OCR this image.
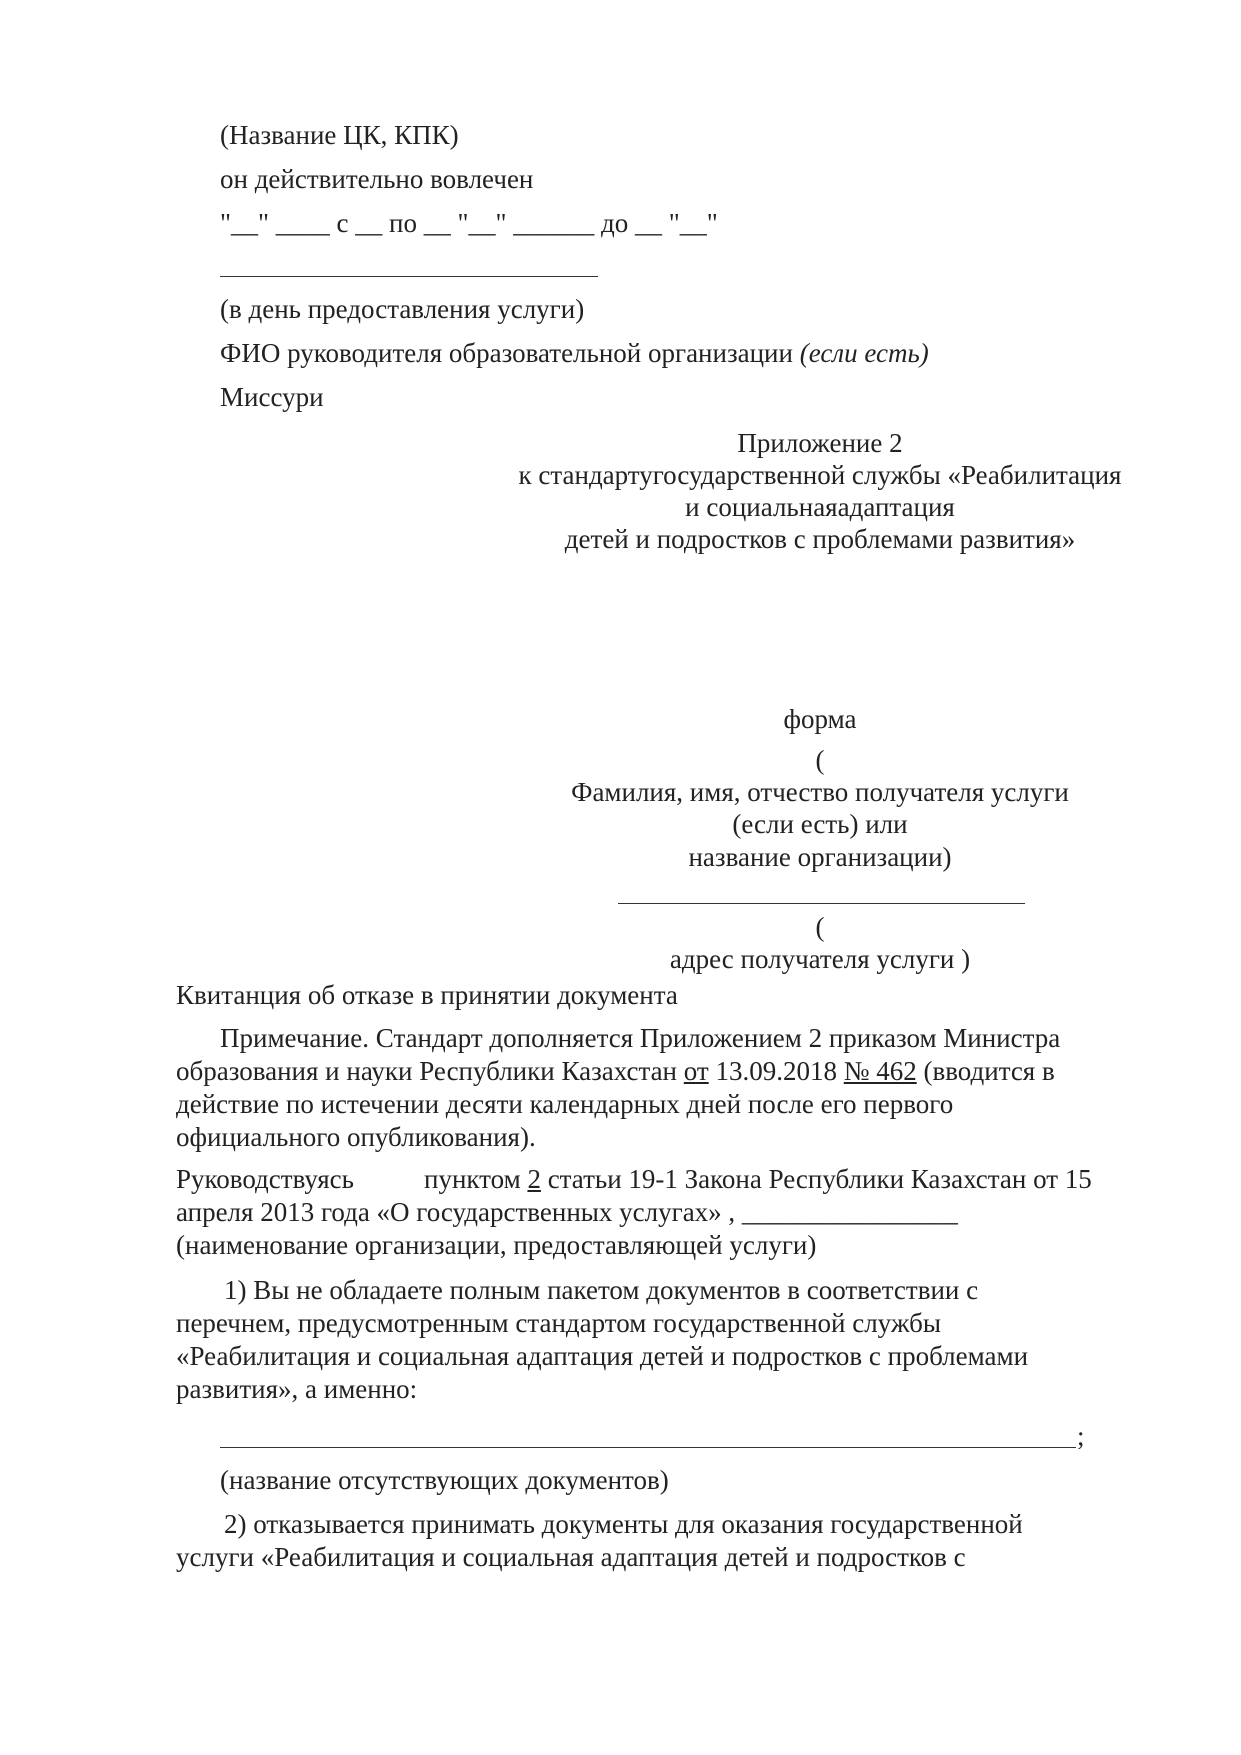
(Название ЦК, КПК)
он действительно вовлечен
"__" ____ с __ по __ "__" ______ до __ "__"
(в день предоставления услуги)
ФИО руководителя образовательной организации (если есть)
Миссури
Приложение 2
к стандартугосударственной службы «Реабилитация
и социальнаяадаптация
детей и подростков с проблемами развития»
форма
(
Фамилия, имя, отчество получателя услуги
(если есть) или
название организации)
(
адрес получателя услуги )
Квитанция об отказе в принятии документа
Примечание. Стандарт дополняется Приложением 2 приказом Министра
образования и науки Республики Казахстан от 13.09.2018 № 462 (вводится в
действие по истечении десяти календарных дней после его первого
официального опубликования).
Руководствуясь	пунктом 2 статьи 19-1 Закона Республики Казахстан от 15
апреля 2013 года «О государственных услугах» , ________________
(наименование организации, предоставляющей услуги)
1) Вы не обладаете полным пакетом документов в соответствии с
перечнем, предусмотренным стандартом государственной службы
«Реабилитация и социальная адаптация детей и подростков с проблемами
развития», а именно:
;
(название отсутствующих документов)
2) отказывается принимать документы для оказания государственной
услуги «Реабилитация и социальная адаптация детей и подростков с
